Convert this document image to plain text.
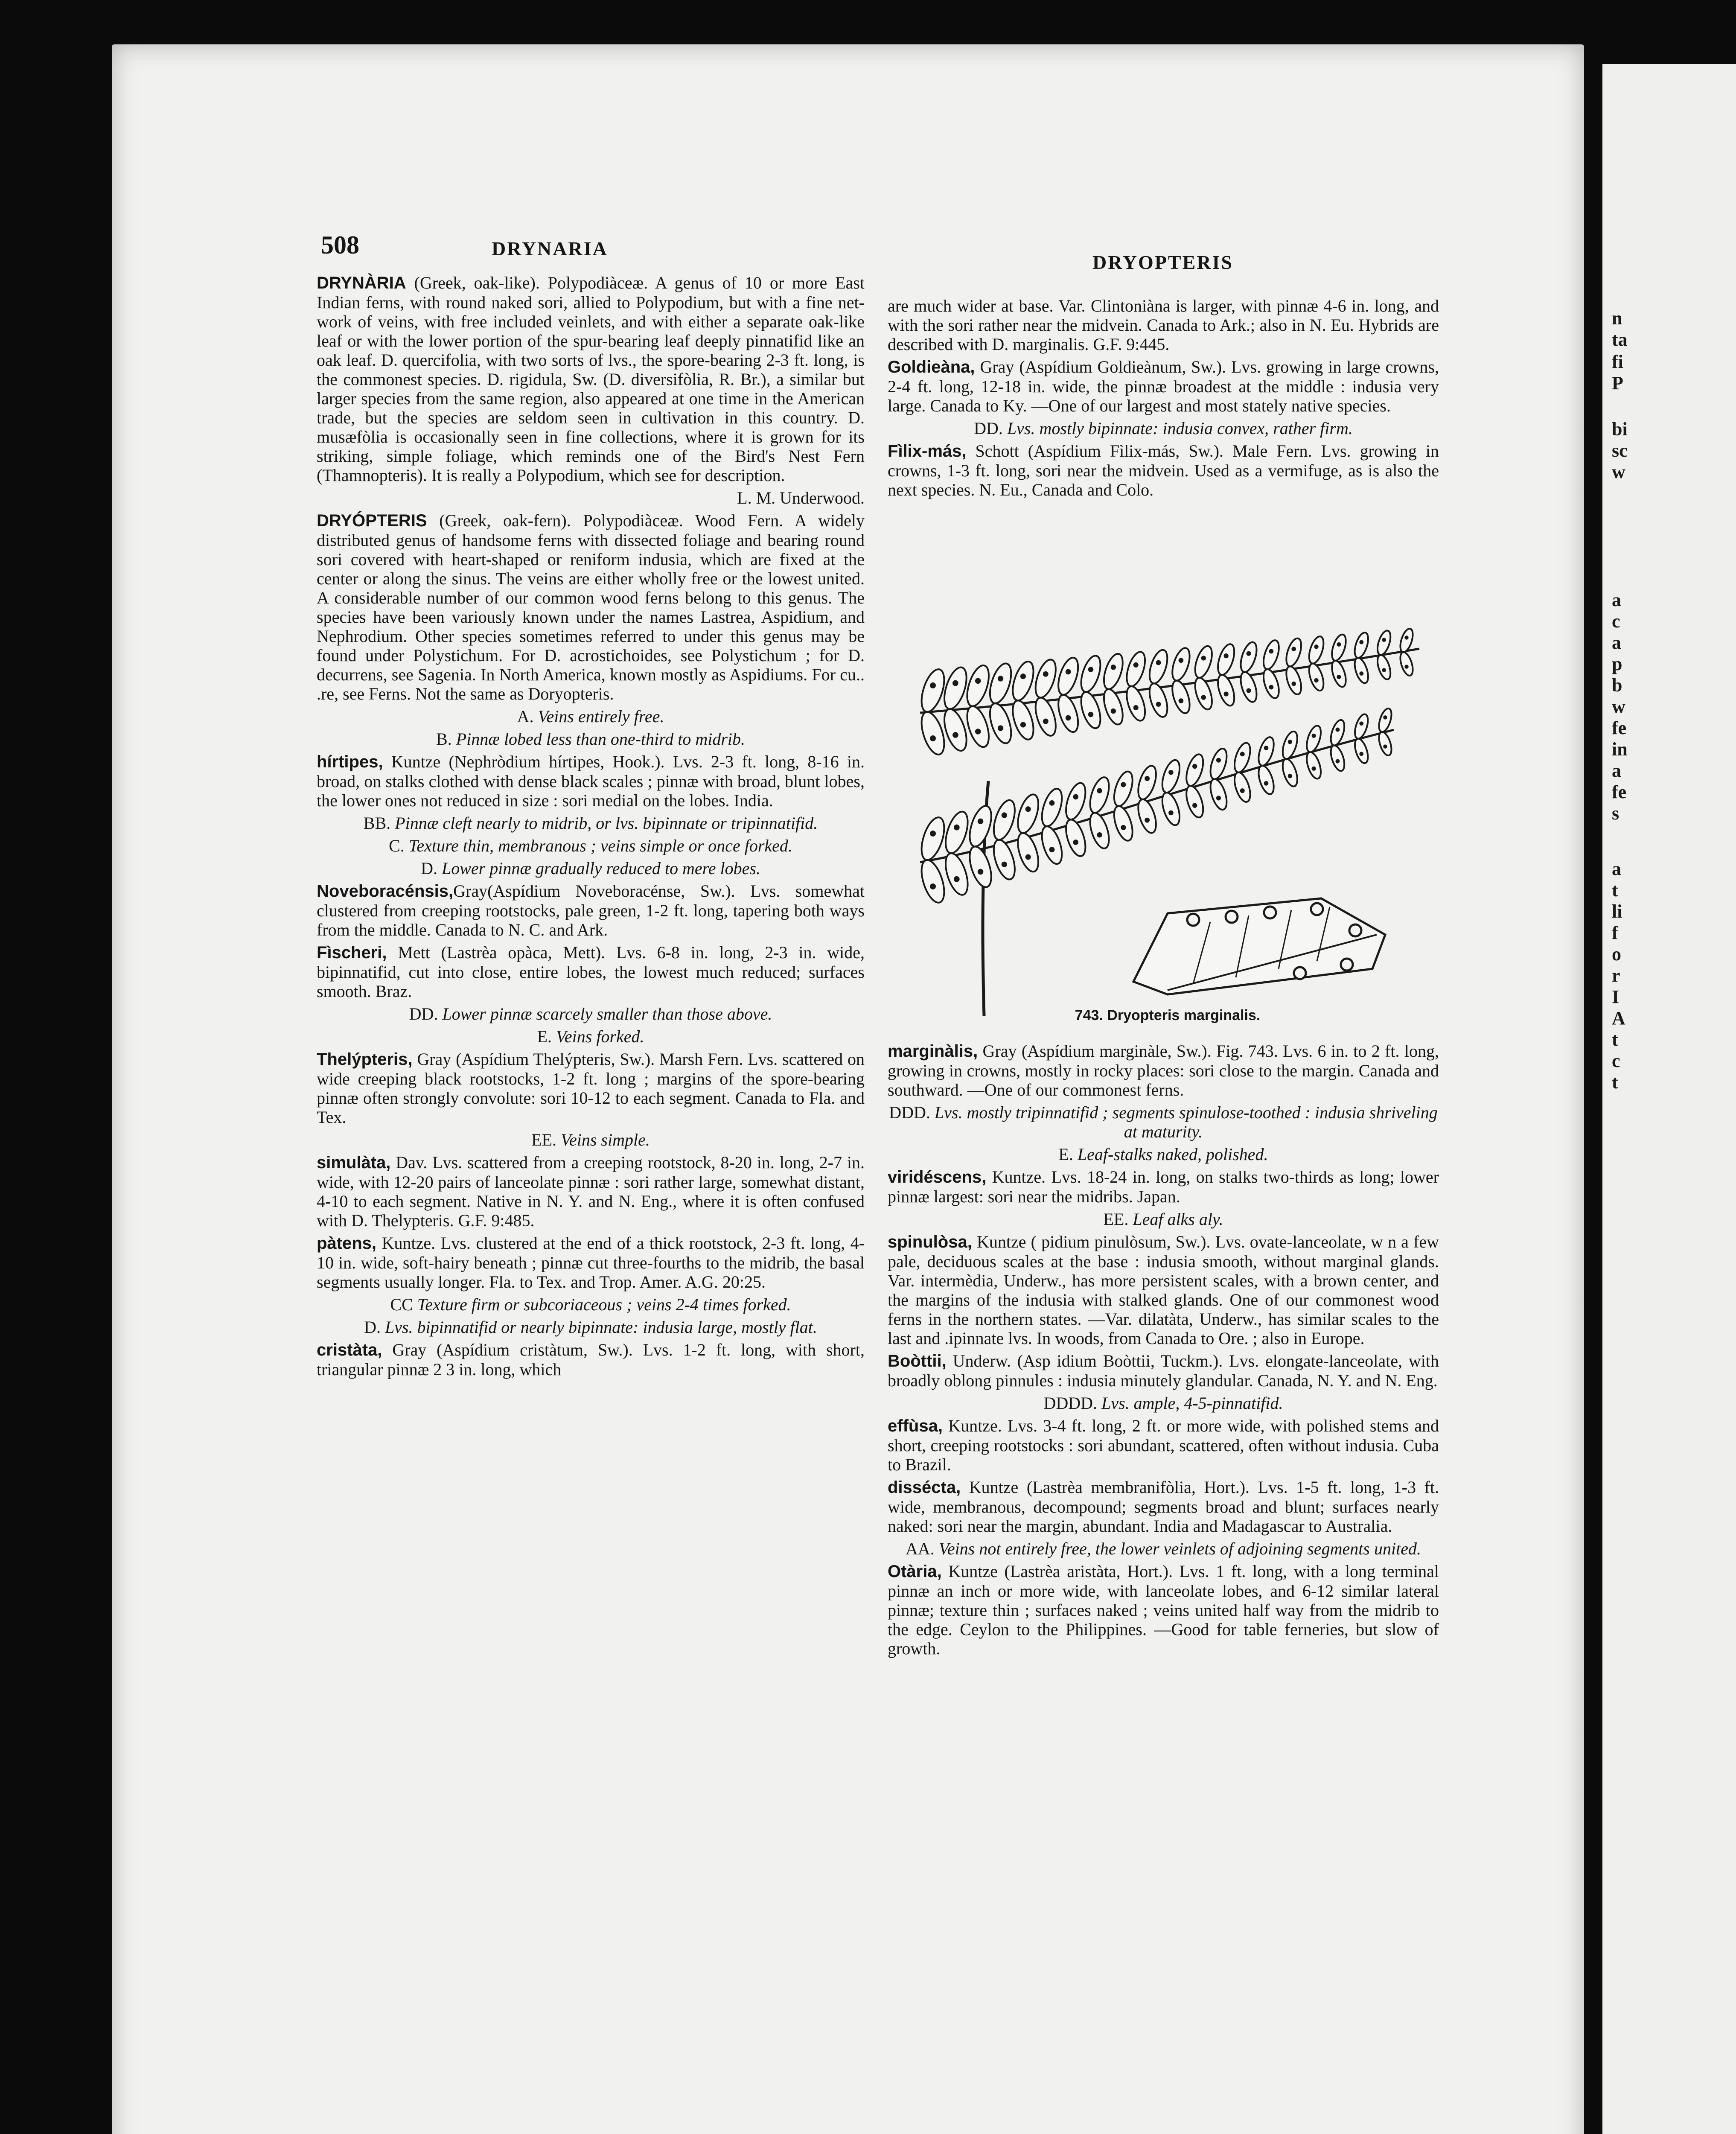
n
ta
fi
P
bi
sc
w
a
c
a
p
b
w
fe
in
a
fe
s
a
t
li
f
o
r
I
A
t
c
t
508	DRYNARIA
DRYOPTERIS

DRYNÀRIA (Greek, oak-like). Polypodiàceæ. A genus of 10 or more East Indian ferns, with round naked sori, allied to Polypodium, but with a fine net-work of veins, with free included veinlets, and with either a separate oak-like leaf or with the lower portion of the spur-bearing leaf deeply pinnatifid like an oak leaf. D. quercifolia, with two sorts of lvs., the spore-bearing 2-3 ft. long, is the commonest species. D. rigidula, Sw. (D. diversifòlia, R. Br.), a similar but larger species from the same region, also appeared at one time in the American trade, but the species are seldom seen in cultivation in this country. D. musæfòlia is occasionally seen in fine collections, where it is grown for its striking, simple foliage, which reminds one of the Bird's Nest Fern (Thamnopteris). It is really a Polypodium, which see for description.

L. M. Underwood.

DRYÓPTERIS (Greek, oak-fern). Polypodiàceæ. Wood Fern. A widely distributed genus of handsome ferns with dissected foliage and bearing round sori covered with heart-shaped or reniform indusia, which are fixed at the center or along the sinus. The veins are either wholly free or the lowest united. A considerable number of our common wood ferns belong to this genus. The species have been variously known under the names Lastrea, Aspidium, and Nephrodium. Other species sometimes referred to under this genus may be found under Polystichum. For D. acrostichoides, see Polystichum ; for D. decurrens, see Sagenia. In North America, known mostly as Aspidiums. For cu.. .re, see Ferns. Not the same as Doryopteris.

A. Veins entirely free.

B. Pinnæ lobed less than one-third to midrib.

hírtipes, Kuntze (Nephròdium hírtipes, Hook.). Lvs. 2-3 ft. long, 8-16 in. broad, on stalks clothed with dense black scales ; pinnæ with broad, blunt lobes, the lower ones not reduced in size : sori medial on the lobes. India.

BB. Pinnæ cleft nearly to midrib, or lvs. bipinnate or tripinnatifid.

C. Texture thin, membranous ; veins simple or once forked.

D. Lower pinnæ gradually reduced to mere lobes.

Noveboracénsis,Gray(Aspídium Noveboracénse, Sw.). Lvs. somewhat clustered from creeping rootstocks, pale green, 1-2 ft. long, tapering both ways from the middle. Canada to N. C. and Ark.

Fìscheri, Mett (Lastrèa opàca, Mett). Lvs. 6-8 in. long, 2-3 in. wide, bipinnatifid, cut into close, entire lobes, the lowest much reduced; surfaces smooth. Braz.

DD. Lower pinnæ scarcely smaller than those above.

E. Veins forked.

Thelýpteris, Gray (Aspídium Thelýpteris, Sw.). Marsh Fern. Lvs. scattered on wide creeping black rootstocks, 1-2 ft. long ; margins of the spore-bearing pinnæ often strongly convolute: sori 10-12 to each segment. Canada to Fla. and Tex.

EE. Veins simple.

simulàta, Dav. Lvs. scattered from a creeping rootstock, 8-20 in. long, 2-7 in. wide, with 12-20 pairs of lanceolate pinnæ : sori rather large, somewhat distant, 4-10 to each segment. Native in N. Y. and N. Eng., where it is often confused with D. Thelypteris. G.F. 9:485.

pàtens, Kuntze. Lvs. clustered at the end of a thick rootstock, 2-3 ft. long, 4-10 in. wide, soft-hairy beneath ; pinnæ cut three-fourths to the midrib, the basal segments usually longer. Fla. to Tex. and Trop. Amer. A.G. 20:25.

CC Texture firm or subcoriaceous ; veins 2-4 times forked.

D. Lvs. bipinnatifid or nearly bipinnate: indusia large, mostly flat.

cristàta, Gray (Aspídium cristàtum, Sw.). Lvs. 1-2 ft. long, with short, triangular pinnæ 2 3 in. long, which

are much wider at base. Var. Clintoniàna is larger, with pinnæ 4-6 in. long, and with the sori rather near the midvein. Canada to Ark.; also in N. Eu. Hybrids are described with D. marginalis. G.F. 9:445.

Goldieàna, Gray (Aspídium Goldieànum, Sw.). Lvs. growing in large crowns, 2-4 ft. long, 12-18 in. wide, the pinnæ broadest at the middle : indusia very large. Canada to Ky. —One of our largest and most stately native species.

DD. Lvs. mostly bipinnate: indusia convex, rather firm.

Fìlix-más, Schott (Aspídium Fìlix-más, Sw.). Male Fern. Lvs. growing in crowns, 1-3 ft. long, sori near the midvein. Used as a vermifuge, as is also the next species. N. Eu., Canada and Colo.

743. Dryopteris marginalis.

marginàlis, Gray (Aspídium marginàle, Sw.). Fig. 743. Lvs. 6 in. to 2 ft. long, growing in crowns, mostly in rocky places: sori close to the margin. Canada and southward. —One of our commonest ferns.

DDD. Lvs. mostly tripinnatifid ; segments spinulose-toothed : indusia shriveling at maturity.

E. Leaf-stalks naked, polished.

viridéscens, Kuntze. Lvs. 18-24 in. long, on stalks two-thirds as long; lower pinnæ largest: sori near the midribs. Japan.

EE. Leaf alks aly.

spinulòsa, Kuntze ( pidium pinulòsum, Sw.). Lvs. ovate-lanceolate, w n a few pale, deciduous scales at the base : indusia smooth, without marginal glands. Var. intermèdia, Underw., has more persistent scales, with a brown center, and the margins of the indusia with stalked glands. One of our commonest wood ferns in the northern states. —Var. dilatàta, Underw., has similar scales to the last and .ipinnate lvs. In woods, from Canada to Ore. ; also in Europe.

Boòttii, Underw. (Asp idium Boòttii, Tuckm.). Lvs. elongate-lanceolate, with broadly oblong pinnules : indusia minutely glandular. Canada, N. Y. and N. Eng.

DDDD. Lvs. ample, 4-5-pinnatifid.

effùsa, Kuntze. Lvs. 3-4 ft. long, 2 ft. or more wide, with polished stems and short, creeping rootstocks : sori abundant, scattered, often without indusia. Cuba to Brazil.

dissécta, Kuntze (Lastrèa membranifòlia, Hort.). Lvs. 1-5 ft. long, 1-3 ft. wide, membranous, decompound; segments broad and blunt; surfaces nearly naked: sori near the margin, abundant. India and Madagascar to Australia.

AA. Veins not entirely free, the lower veinlets of adjoining segments united.

Otària, Kuntze (Lastrèa aristàta, Hort.). Lvs. 1 ft. long, with a long terminal pinnæ an inch or more wide, with lanceolate lobes, and 6-12 similar lateral pinnæ; texture thin ; surfaces naked ; veins united half way from the midrib to the edge. Ceylon to the Philippines. —Good for table ferneries, but slow of growth.
